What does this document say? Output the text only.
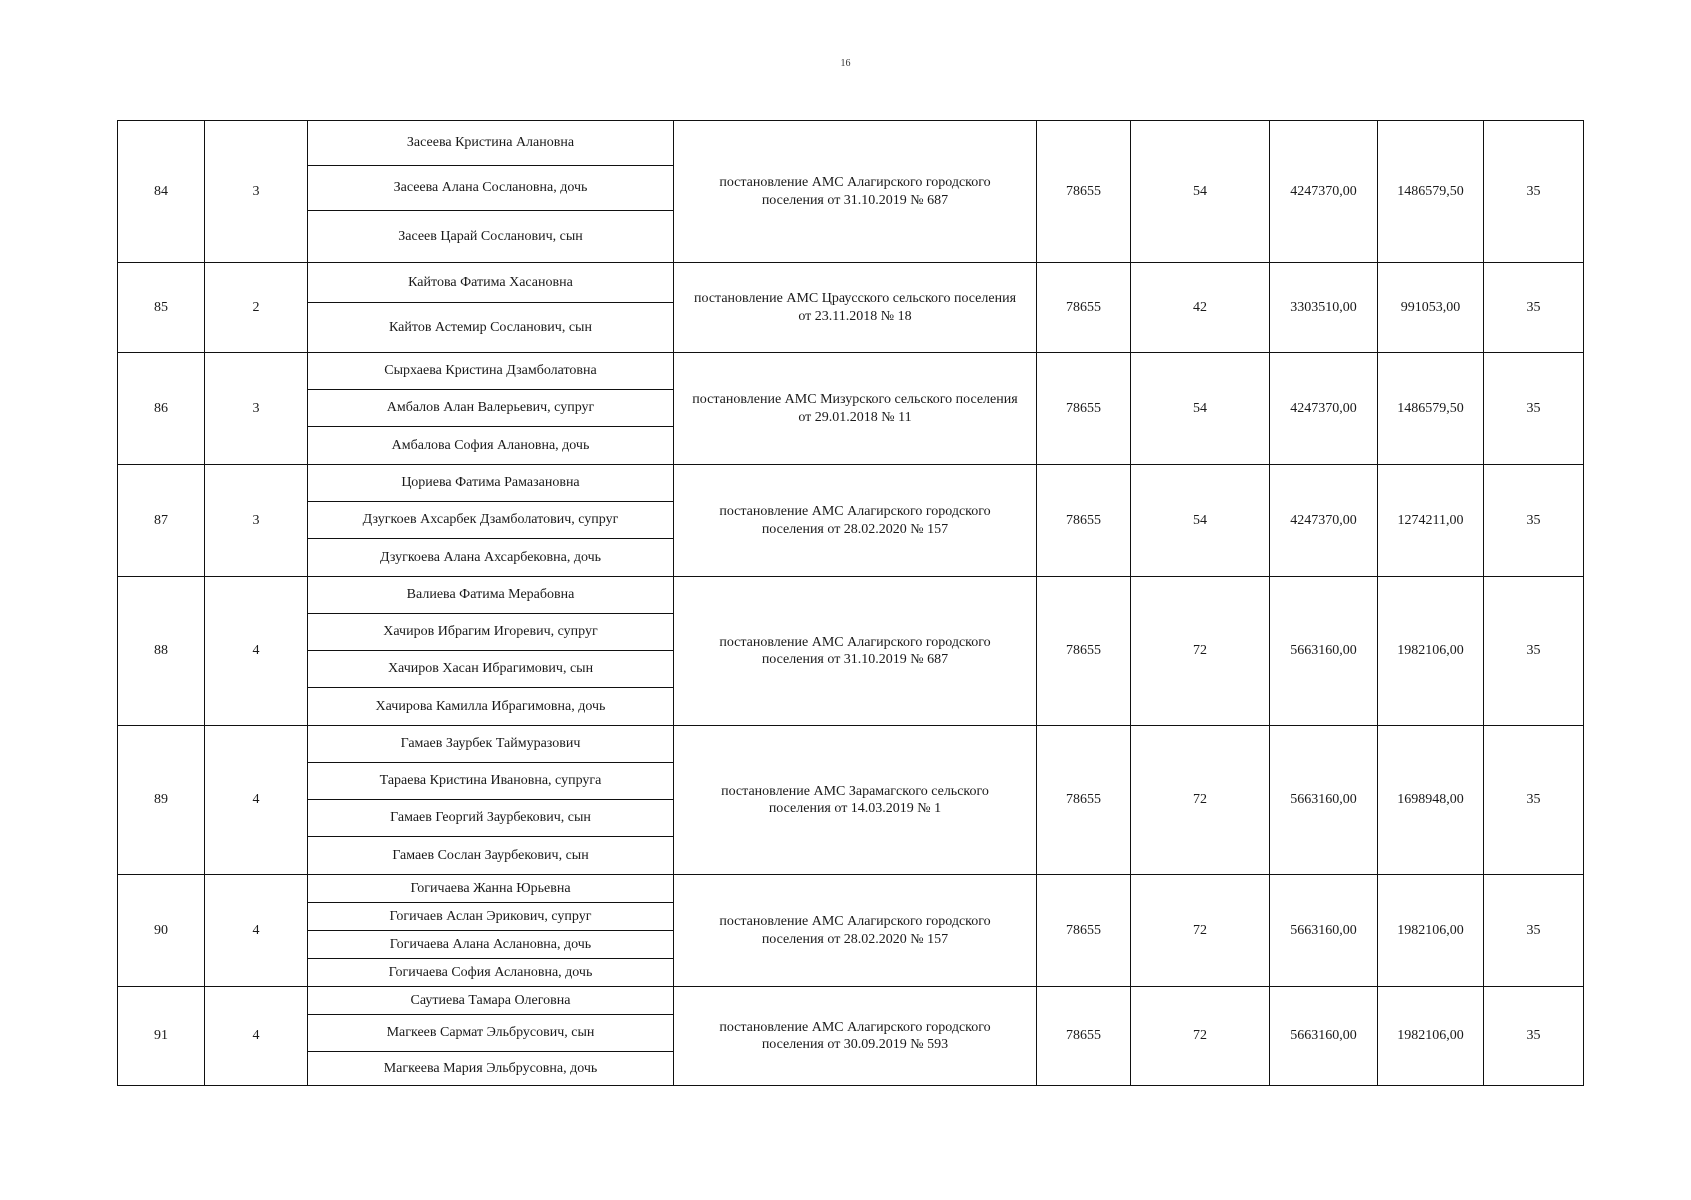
16
84	3	Засеева Кристина Алановна	постановление АМС Алагирского городского поселения от 31.10.2019 № 687	78655	54	4247370,00	1486579,50	35
		Засеева Алана Сослановна, дочь						
		Засеев Царай Сосланович, сын						
85	2	Кайтова Фатима Хасановна	постановление АМС Цраусского сельского поселения от 23.11.2018 № 18	78655	42	3303510,00	991053,00	35
		Кайтов Астемир Сосланович, сын						
86	3	Сырхаева Кристина Дзамболатовна	постановление АМС Мизурского сельского поселения от 29.01.2018 № 11	78655	54	4247370,00	1486579,50	35
		Амбалов Алан Валерьевич, супруг						
		Амбалова София Алановна, дочь						
87	3	Цориева Фатима Рамазановна	постановление АМС Алагирского городского поселения от 28.02.2020 № 157	78655	54	4247370,00	1274211,00	35
		Дзугкоев Ахсарбек Дзамболатович, супруг						
		Дзугкоева Алана Ахсарбековна, дочь						
88	4	Валиева Фатима Мерабовна	постановление АМС Алагирского городского поселения от 31.10.2019 № 687	78655	72	5663160,00	1982106,00	35
		Хачиров Ибрагим Игоревич, супруг						
		Хачиров Хасан Ибрагимович, сын						
		Хачирова Камилла Ибрагимовна, дочь						
89	4	Гамаев Заурбек Таймуразович	постановление АМС Зарамагского сельского поселения от 14.03.2019 № 1	78655	72	5663160,00	1698948,00	35
		Тараева Кристина Ивановна, супруга						
		Гамаев Георгий Заурбекович, сын						
		Гамаев Сослан Заурбекович, сын						
90	4	Гогичаева Жанна Юрьевна	постановление АМС Алагирского городского поселения от 28.02.2020 № 157	78655	72	5663160,00	1982106,00	35
		Гогичаев Аслан Эрикович, супруг						
		Гогичаева Алана Аслановна, дочь						
		Гогичаева София Аслановна, дочь						
91	4	Саутиева Тамара Олеговна	постановление АМС Алагирского городского поселения от 30.09.2019 № 593	78655	72	5663160,00	1982106,00	35
		Магкеев Сармат Эльбрусович, сын						
		Магкеева Мария Эльбрусовна, дочь						
